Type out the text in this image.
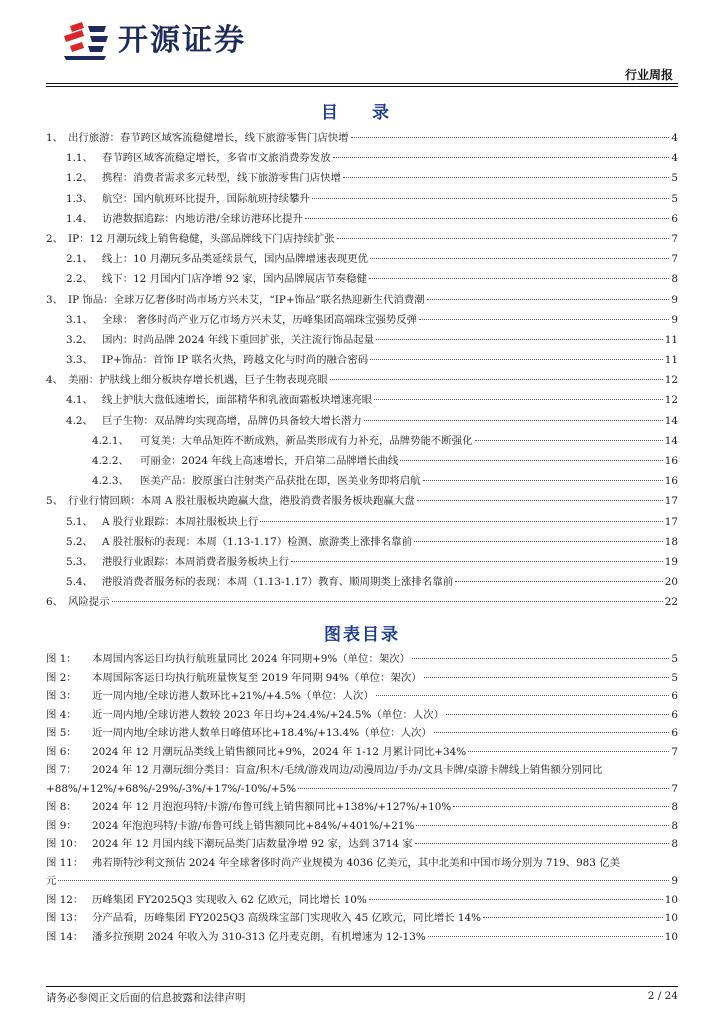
开源证券
行业周报
目 录
1、 出行旅游：春节跨区域客流稳健增长，线下旅游零售门店快增	4
1.1、 春节跨区域客流稳定增长，多省市文旅消费券发放	4
1.2、 携程：消费者需求多元转型，线下旅游零售门店快增	5
1.3、 航空：国内航班环比提升，国际航班持续攀升	5
1.4、 访港数据追踪：内地访港/全球访港环比提升	6
2、 IP：12 月潮玩线上销售稳健，头部品牌线下门店持续扩张	7
2.1、 线上：10 月潮玩多品类延续景气，国内品牌增速表现更优	7
2.2、 线下：12 月国内门店净增 92 家，国内品牌展店节奏稳健	8
3、 IP 饰品：全球万亿奢侈时尚市场方兴未艾，“IP+饰品”联名热迎新生代消费潮	9
3.1、 全球： 奢侈时尚产业万亿市场方兴未艾，历峰集团高端珠宝强势反弹	9
3.2、 国内：时尚品牌 2024 年线下重回扩张，关注流行饰品起量	11
3.3、 IP+饰品：首饰 IP 联名火热，跨越文化与时尚的融合密码	11
4、 美丽：护肤线上细分板块存增长机遇，巨子生物表现亮眼	12
4.1、 线上护肤大盘低速增长，面部精华和乳液面霜板块增速亮眼	12
4.2、 巨子生物：双品牌均实现高增，品牌仍具备较大增长潜力	14
4.2.1、	可复美：大单品矩阵不断成熟，新品类形成有力补充，品牌势能不断强化	14
4.2.2、	可丽金：2024 年线上高速增长，开启第二品牌增长曲线	16
4.2.3、	医美产品：胶原蛋白注射类产品获批在即，医美业务即将启航	16
5、 行业行情回顾：本周 A 股社服板块跑赢大盘，港股消费者服务板块跑赢大盘	17
5.1、 A 股行业跟踪：本周社服板块上行	17
5.2、 A 股社服标的表现：本周（1.13-1.17）检测、旅游类上涨排名靠前	18
5.3、 港股行业跟踪：本周消费者服务板块上行	19
5.4、 港股消费者服务标的表现：本周（1.13-1.17）教育、顺周期类上涨排名靠前	20
6、 风险提示	22
图表目录
图 1：	本周国内客运日均执行航班量同比 2024 年同期+9%（单位：架次）	5
图 2：	本周国际客运日均执行航班量恢复至 2019 年同期 94%（单位：架次）	5
图 3：	近一周内地/全球访港人数环比+21%/+4.5%（单位：人次）	6
图 4：	近一周内地/全球访港人数较 2023 年日均+24.4%/+24.5%（单位：人次）	6
图 5：	近一周内地/全球访港人数单日峰值环比+18.4%/+13.4%（单位：人次）	6
图 6：	2024 年 12 月潮玩品类线上销售额同比+9%，2024 年 1-12 月累计同比+34%	7
图 7：	2024 年 12 月潮玩细分类目：盲盒/积木/毛绒/游戏周边/动漫周边/手办/文具卡牌/桌游卡牌线上销售额分别同比
+88%/+12%/+68%/-29%/-3%/+17%/-10%/+5%	7
图 8：	2024 年 12 月泡泡玛特/卡游/布鲁可线上销售额同比+138%/+127%/+10%	8
图 9：	2024 年泡泡玛特/卡游/布鲁可线上销售额同比+84%/+401%/+21%	8
图 10： 2024 年 12 月国内线下潮玩品类门店数量净增 92 家，达到 3714 家	8
图 11： 弗若斯特沙利文预估 2024 年全球奢侈时尚产业规模为 4036 亿美元，其中北美和中国市场分别为 719、983 亿美
元	9
图 12： 历峰集团 FY2025Q3 实现收入 62 亿欧元，同比增长 10%	10
图 13： 分产品看，历峰集团 FY2025Q3 高级珠宝部门实现收入 45 亿欧元，同比增长 14%	10
图 14： 潘多拉预期 2024 年收入为 310-313 亿丹麦克朗，有机增速为 12-13%	10
请务必参阅正文后面的信息披露和法律声明	2 / 24
